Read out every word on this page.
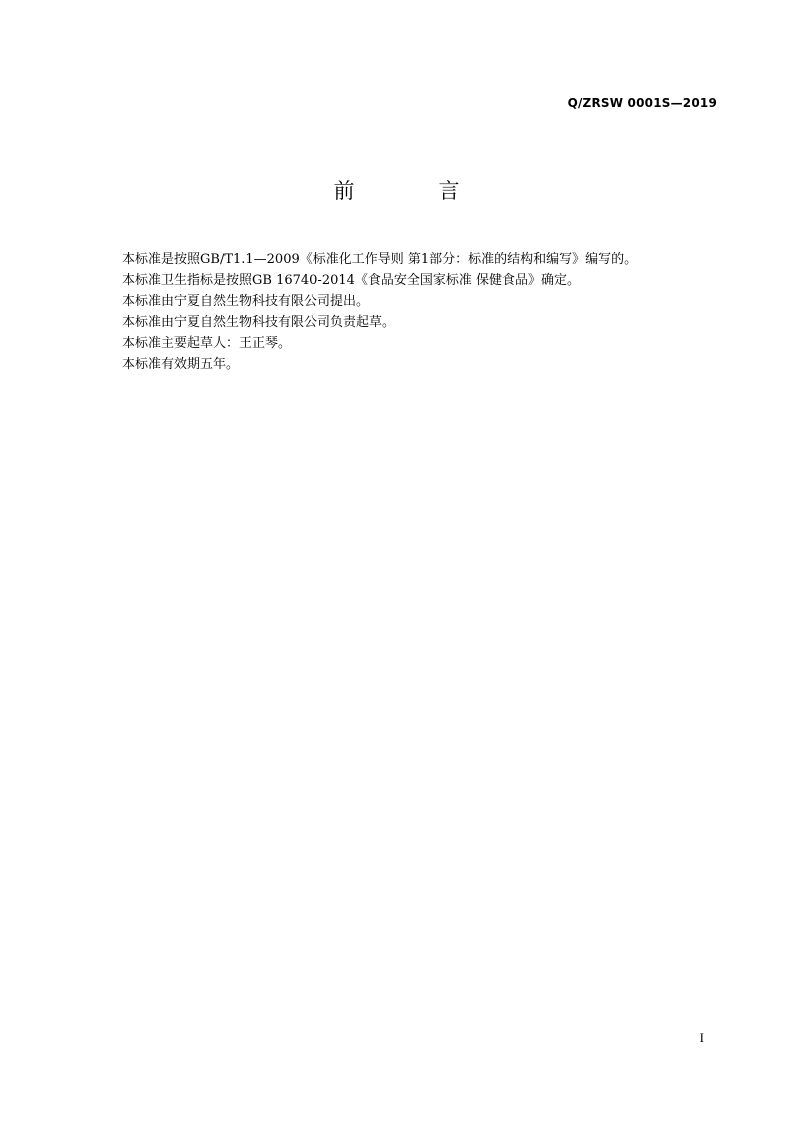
Q/ZRSW 0001S—2019
前	言

本标准是按照GB/T1.1—2009《标准化工作导则 第1部分：标准的结构和编写》编写的。

本标准卫生指标是按照GB 16740-2014《食品安全国家标准 保健食品》确定。

本标准由宁夏自然生物科技有限公司提出。

本标准由宁夏自然生物科技有限公司负责起草。

本标准主要起草人：王正琴。

本标准有效期五年。

I
